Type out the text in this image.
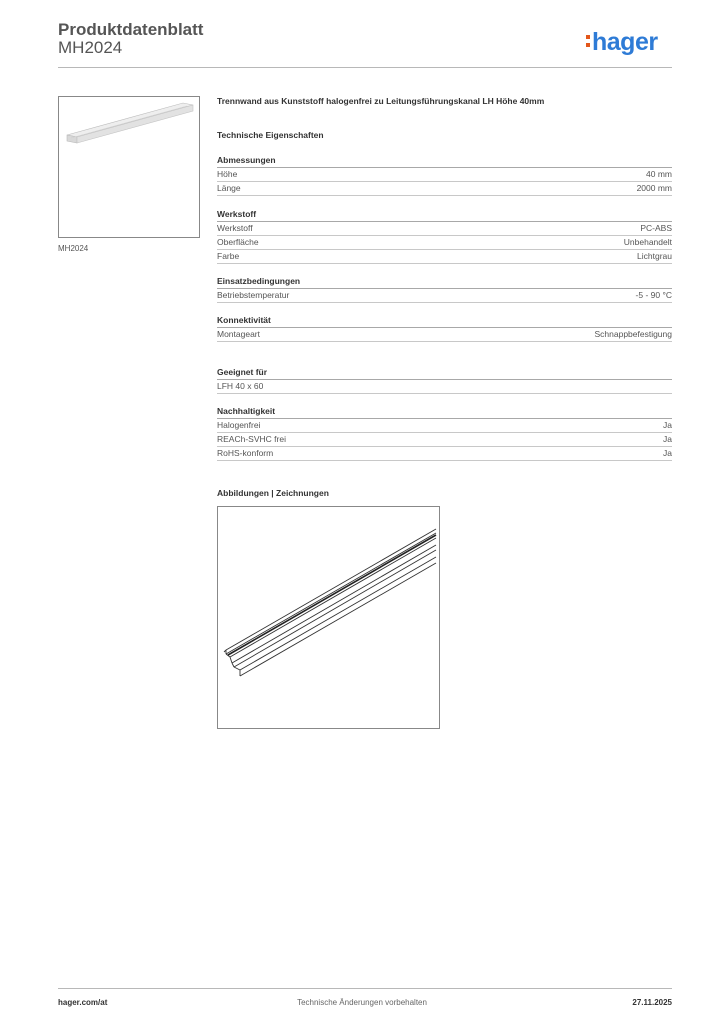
Produktdatenblatt
MH2024	hager
MH2024
Trennwand aus Kunststoff halogenfrei zu Leitungsführungskanal LH Höhe 40mm
Technische Eigenschaften
Abmessungen
Höhe	40 mm
Länge	2000 mm
Werkstoff
Werkstoff	PC-ABS
Oberfläche	Unbehandelt
Farbe	Lichtgrau
Einsatzbedingungen
Betriebstemperatur	-5 - 90 °C
Konnektivität
Montageart	Schnappbefestigung
Geeignet für
LFH 40 x 60
Nachhaltigkeit
Halogenfrei	Ja
REACh-SVHC frei	Ja
RoHS-konform	Ja
Abbildungen | Zeichnungen
hager.com/at	Technische Änderungen vorbehalten	27.11.2025
